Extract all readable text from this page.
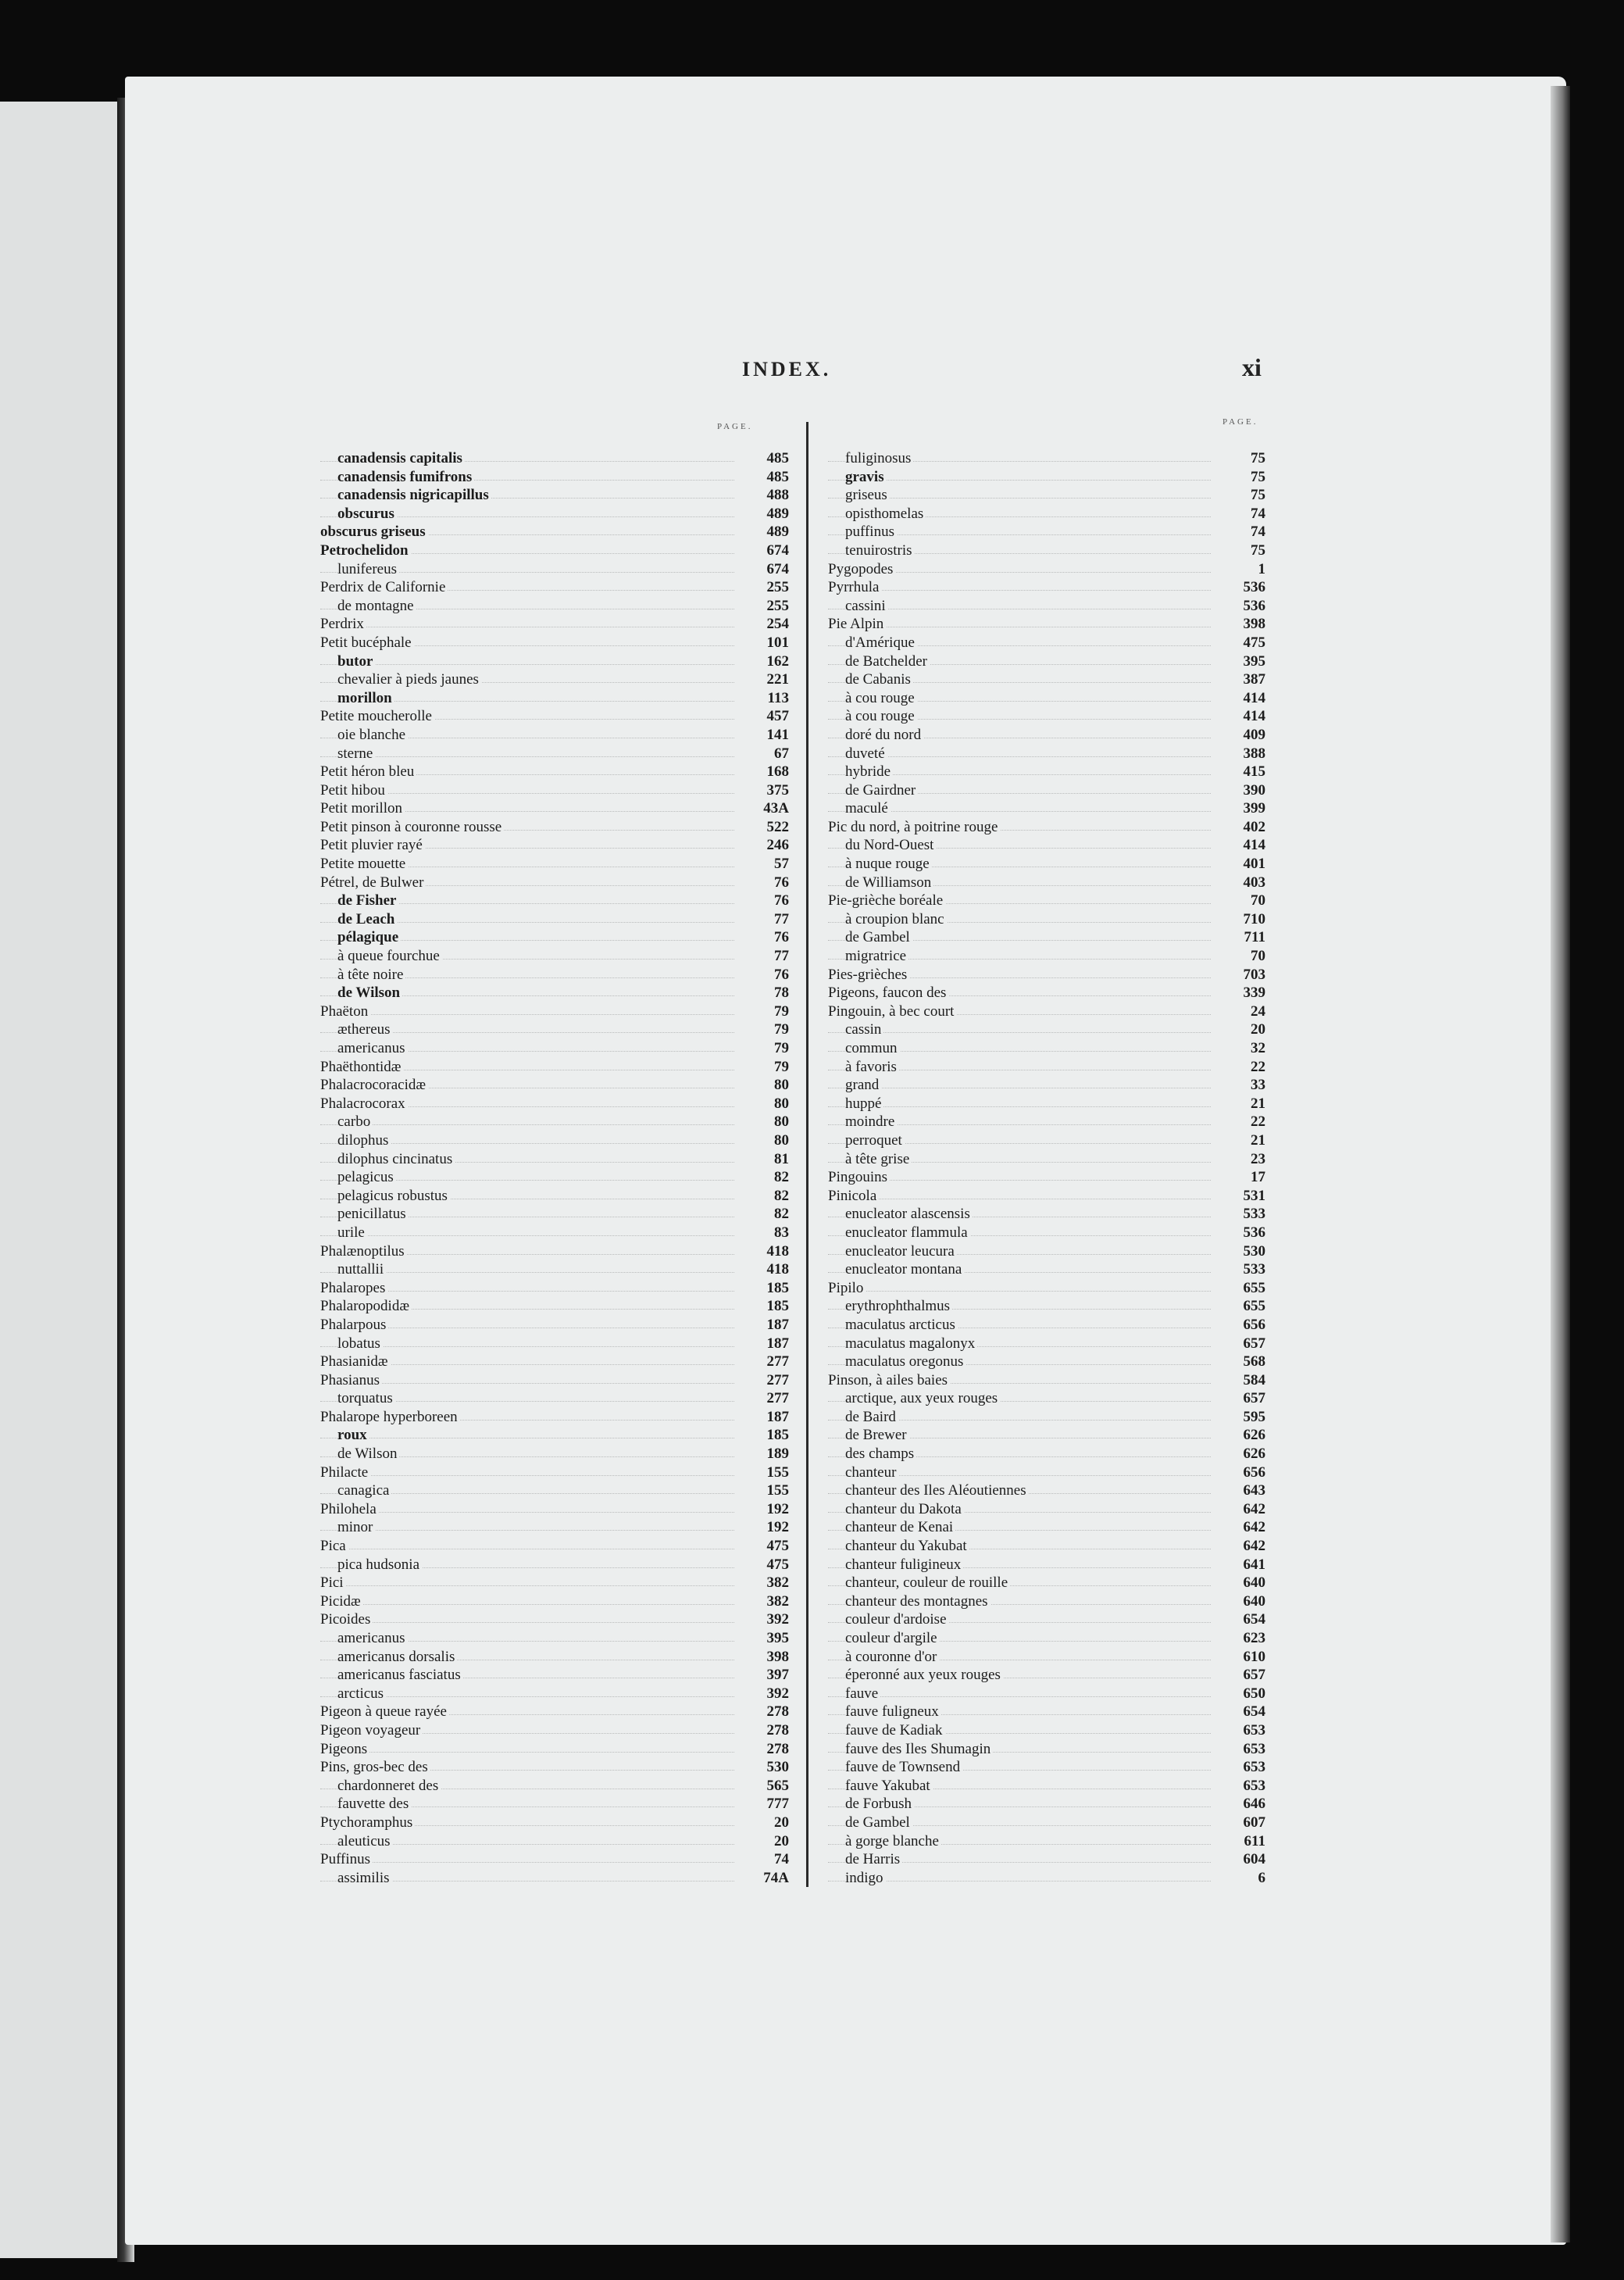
INDEX.	xi
PAGE.	PAGE.
canadensis capitalis	485
canadensis fumifrons	485
canadensis nigricapillus	488
obscurus	489
obscurus griseus	489
Petrochelidon	674
lunifereus	674
Perdrix de Californie	255
de montagne	255
Perdrix	254
Petit bucéphale	101
butor	162
chevalier à pieds jaunes	221
morillon	113
Petite moucherolle	457
oie blanche	141
sterne	67
Petit héron bleu	168
Petit hibou	375
Petit morillon	43A
Petit pinson à couronne rousse	522
Petit pluvier rayé	246
Petite mouette	57
Pétrel, de Bulwer	76
de Fisher	76
de Leach	77
pélagique	76
à queue fourchue	77
à tête noire	76
de Wilson	78
Phaëton	79
æthereus	79
americanus	79
Phaëthontidæ	79
Phalacrocoracidæ	80
Phalacrocorax	80
carbo	80
dilophus	80
dilophus cincinatus	81
pelagicus	82
pelagicus robustus	82
penicillatus	82
urile	83
Phalænoptilus	418
nuttallii	418
Phalaropes	185
Phalaropodidæ	185
Phalarpous	187
lobatus	187
Phasianidæ	277
Phasianus	277
torquatus	277
Phalarope hyperboreen	187
roux	185
de Wilson	189
Philacte	155
canagica	155
Philohela	192
minor	192
Pica	475
pica hudsonia	475
Pici	382
Picidæ	382
Picoides	392
americanus	395
americanus dorsalis	398
americanus fasciatus	397
arcticus	392
Pigeon à queue rayée	278
Pigeon voyageur	278
Pigeons	278
Pins, gros-bec des	530
chardonneret des	565
fauvette des	777
Ptychoramphus	20
aleuticus	20
Puffinus	74
assimilis	74A
fuliginosus	75
gravis	75
griseus	75
opisthomelas	74
puffinus	74
tenuirostris	75
Pygopodes	1
Pyrrhula	536
cassini	536
Pie Alpin	398
d'Amérique	475
de Batchelder	395
de Cabanis	387
à cou rouge	414
à cou rouge	414
doré du nord	409
duveté	388
hybride	415
de Gairdner	390
maculé	399
Pic du nord, à poitrine rouge	402
du Nord-Ouest	414
à nuque rouge	401
de Williamson	403
Pie-grièche boréale	70
à croupion blanc	710
de Gambel	711
migratrice	70
Pies-grièches	703
Pigeons, faucon des	339
Pingouin, à bec court	24
cassin	20
commun	32
à favoris	22
grand	33
huppé	21
moindre	22
perroquet	21
à tête grise	23
Pingouins	17
Pinicola	531
enucleator alascensis	533
enucleator flammula	536
enucleator leucura	530
enucleator montana	533
Pipilo	655
erythrophthalmus	655
maculatus arcticus	656
maculatus magalonyx	657
maculatus oregonus	568
Pinson, à ailes baies	584
arctique, aux yeux rouges	657
de Baird	595
de Brewer	626
des champs	626
chanteur	656
chanteur des Iles Aléoutiennes	643
chanteur du Dakota	642
chanteur de Kenai	642
chanteur du Yakubat	642
chanteur fuligineux	641
chanteur, couleur de rouille	640
chanteur des montagnes	640
couleur d'ardoise	654
couleur d'argile	623
à couronne d'or	610
éperonné aux yeux rouges	657
fauve	650
fauve fuligneux	654
fauve de Kadiak	653
fauve des Iles Shumagin	653
fauve de Townsend	653
fauve Yakubat	653
de Forbush	646
de Gambel	607
à gorge blanche	611
de Harris	604
indigo	6
